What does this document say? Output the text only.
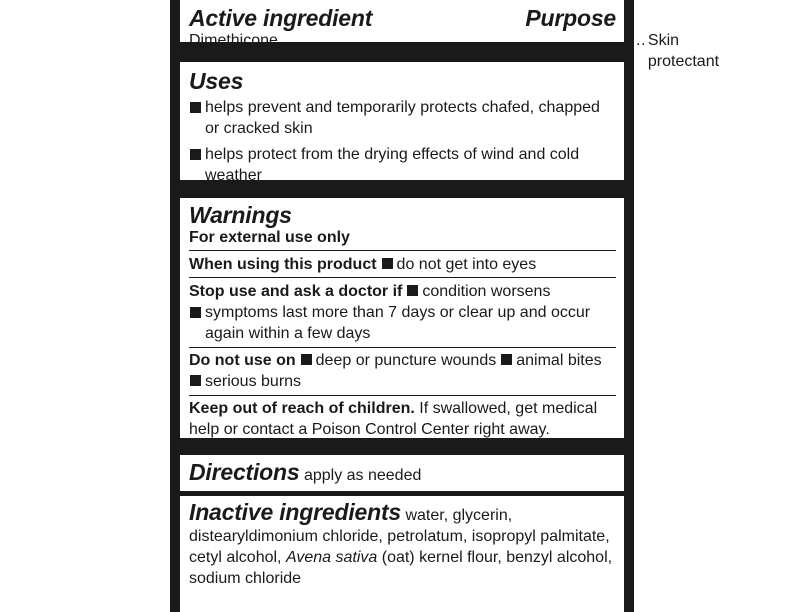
Active ingredient	Purpose
Dimethicone .......................................................................... Skin protectant
Uses
helps prevent and temporarily protects chafed, chapped or cracked skin
helps protect from the drying effects of wind and cold weather
Warnings
For external use only
When using this product do not get into eyes
Stop use and ask a doctor if condition worsens
symptoms last more than 7 days or clear up and occur again within a few days
Do not use on deep or puncture wounds animal bites
serious burns
Keep out of reach of children. If swallowed, get medical help or contact a Poison Control Center right away.
Directions apply as needed
Inactive ingredients water, glycerin, distearyldimonium chloride, petrolatum, isopropyl palmitate, cetyl alcohol, Avena sativa (oat) kernel flour, benzyl alcohol, sodium chloride
